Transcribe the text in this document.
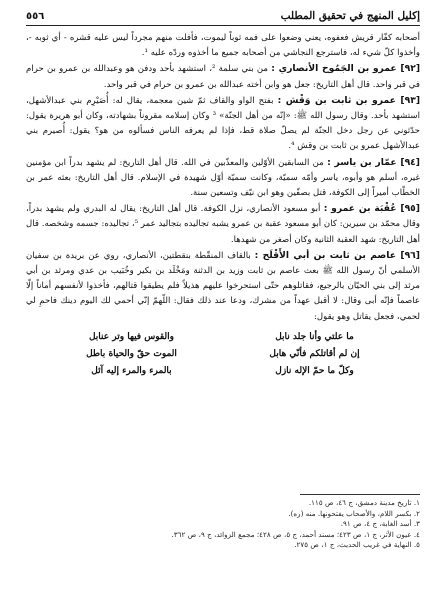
إكليل المنهج في تحقيق المطلب
٥٥٦

أصحابه كفّار قريش فعفوه، يعني وضعوا على فمه ثوباً ليموت، فأفلت منهم مجرداً ليس عليه قشره - أي ثوبه -، وأخذوا كلّ شيء له، فاسترجع النجاشي من أصحابه جميع ما أخذوه وردّه عليه ¹.

[٩٢] عمرو بن الجَمُوح الأنصاري : من بني سلمة ²، استشهد بأحد ودفن هو وعبدالله بن عمرو بن حرام في قبر واحد. قال أهل التاريخ: جعل هو وابن أخته عبدالله بن عمرو بن حرام في قبر واحد.

[٩٣] عمرو بن ثابت بن وَقْش : بفتح الواو والقاف ثمّ شين معجمة، يقال له: أُصَيْرِم بني عبدالأشهل، استشهد بأحد. وقال رسول الله ﷺ: «إنّه من أهل الجنّة» ³ وكان إسلامه مقروناً بشهادته، وكان أبو هريرة يقول: حدّثوني عن رجل دخل الجنّة لم يصلّ صلاة قط، فإذا لم يعرفه الناس فسألوه من هو؟ يقول: أُصيرم بني عبدالأشهل عمرو بن ثابت بن وقش ⁴.

[٩٤] عمّار بن ياسر : من السابقين الأوّلين والمعذّبين في الله. قال أهل التاريخ: لم يشهد بدراً ابن مؤمنين غيره، أسلم هو وأبوه، ياسر وأمّه سميّة، وكانت سميّة أوّل شهيدة في الإسلام. قال أهل التاريخ: بعثه عمر بن الخطّاب أميراً إلى الكوفة، قتل بصفّين وهو ابن نيّف وتسعين سنة.

[٩٥] عُقْبَة بن عمرو : أبو مسعود الأنصاري، نزل الكوفة. قال أهل التاريخ: يقال له البدري ولم يشهد بدراً، وقال محمّد بن سيرين: كان أبو مسعود عقبة بن عمرو يشبه تجاليده بتجاليد عمر ⁵، تجاليده: جسمه وشخصه. قال أهل التاريخ: شهد العقبة الثانية وكان أصغر من شهدها.

[٩٦] عاصم بن ثابت بن أبي الأَقْلَح : بالقاف المنقّطة بنقطتين، الأنصاري، روي عن بريدة بن سفيان الأسلمي أنّ رسول الله ﷺ بعث عاصم بن ثابت وزيد بن الدثنة ومَخْلَد بن بكير وخُبَيب بن عدي ومرثد بن أبي مرثد إلى بني الحيّان بالرجيع، فقاتلوهم حتّى استحرخوا عليهم هذيلاً فلم يطيقوا قتالهم، فأخذوا لأنفسهم أماناً إلّا عاصماً فإنّه أبى وقال: لا أقبل عهداً من مشرك، ودعا عند ذلك فقال: اللّهمّ إنّي أحمي لك اليوم دينك فاحمِ لي لحمي، فجعل يقاتل وهو يقول:

ما علتي وأنا جلد نابل
والقوس فيها وتر عنابل
إن لم أقاتلكم فأنّي هابل
الموت حقّ والحياة باطل
وكلّ ما حمّ الإله نازل
بالمرء والمرء إليه آئل

١. تاريخ مدينة دمشق، ج ٤٦، ص ١١٥.

٢. بكسر اللام، والأصحاب يفتحونها. منه (ره).

٣. أسد الغابة، ج ٤، ص ٩١.

٤. عيون الأثر، ج ١، ص ٤٢٣؛ مسند أحمد، ج ٥، ص ٤٢٨؛ مجمع الزوائد، ج ٩، ص ٣٦٢.

٥. النهاية في غريب الحديث، ج ١، ص ٢٧٥.
